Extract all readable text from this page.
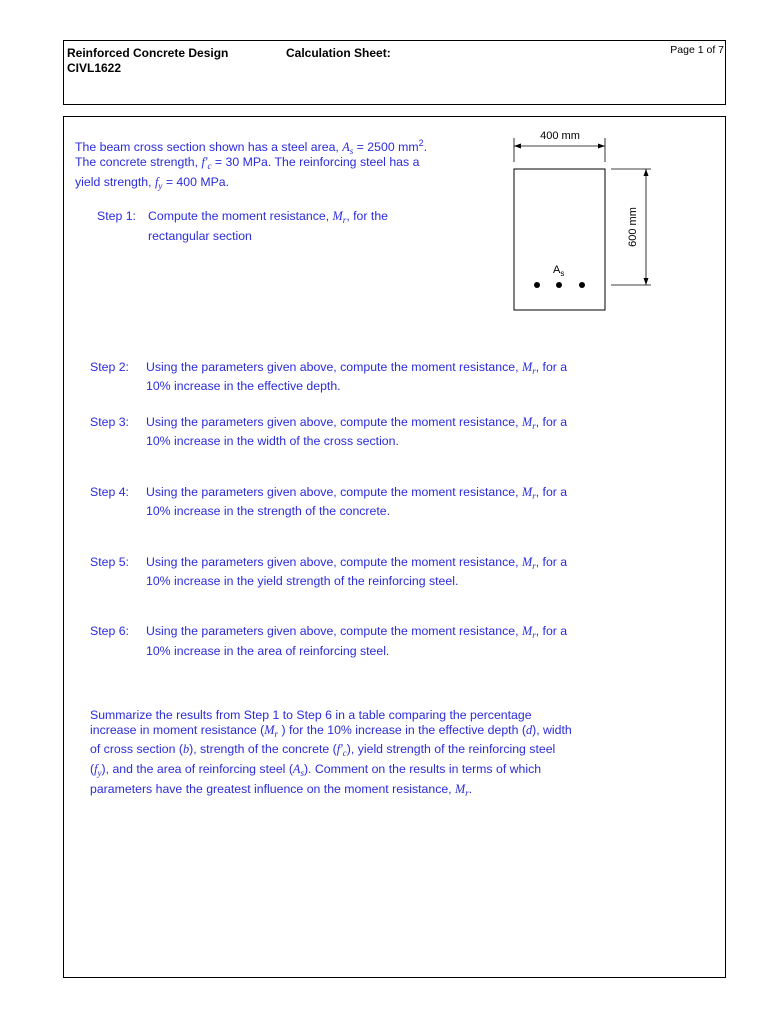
Reinforced Concrete Design
CIVL1622
Calculation Sheet:	Page 1 of 7
The beam cross section shown has a steel area, $A_s = 2500$ $mm^2$.
The concrete strength, $f'_c = 30$ MPa. The reinforcing steel has a
yield strength, $f_y = 400$ MPa.
Step 1: Compute the moment resistance, $M_r$, for the
rectangular section
400 mm
600 mm
$A_s$
Step 2: Using the parameters given above, compute the moment resistance, $M_r$, for a
10% increase in the effective depth.
Step 3: Using the parameters given above, compute the moment resistance, $M_r$, for a
10% increase in the width of the cross section.
Step 4: Using the parameters given above, compute the moment resistance, $M_r$, for a
10% increase in the strength of the concrete.
Step 5: Using the parameters given above, compute the moment resistance, $M_r$, for a
10% increase in the yield strength of the reinforcing steel.
Step 6: Using the parameters given above, compute the moment resistance, $M_r$, for a
10% increase in the area of reinforcing steel.
Summarize the results from Step 1 to Step 6 in a table comparing the percentage
increase in moment resistance ($M_r$ ) for the 10% increase in the effective depth (d), width
of cross section (b), strength of the concrete $(f'_c)$, yield strength of the reinforcing steel
$(f_y)$, and the area of reinforcing steel $(A_s)$. Comment on the results in terms of which
parameters have the greatest influence on the moment resistance, $M_r$.
